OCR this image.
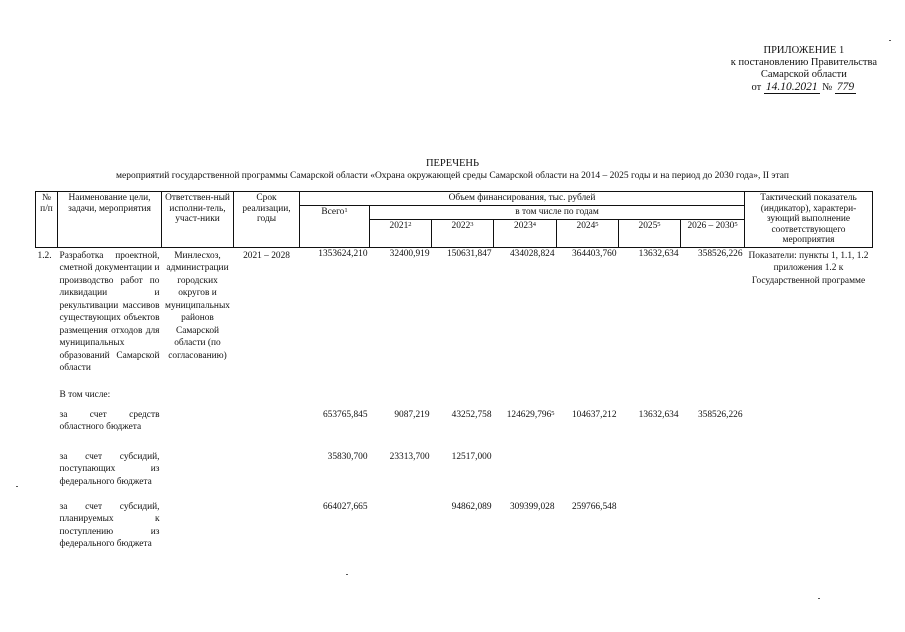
ПРИЛОЖЕНИЕ 1
к постановлению Правительства
Самарской области
от 14.10.2021 № 779
ПЕРЕЧЕНЬ
мероприятий государственной программы Самарской области «Охрана окружающей среды Самарской области на 2014 – 2025 годы и на период до 2030 года», II этап
№ п/п	Наименование цели, задачи, мероприятия	Ответствен-ный исполни-тель, участ-ники	Срок реализации, годы	Объем финансирования, тыс. рублей							Тактический показатель (индикатор), характери-зующий выполнение соответствующего мероприятия
				Всего$^1$	в том числе по годам						
					2021$^2$	2022$^3$	2023$^4$	2024$^5$	2025$^5$	2026 – 2030$^5$
1.2.	Разработка проектной, сметной документации и производство работ по ликвидации и рекультивации массивов существующих объектов размещения отходов для муниципальных образований Самарской области	Минлесхоз, администрации городских округов и муниципальных районов Самарской области (по согласованию)	2021 – 2028	1353624,210	32400,919	150631,847	434028,824	364403,760	13632,634	358526,226	Показатели: пункты 1, 1.1, 1.2 приложения 1.2 к Государственной программе
	В том числе:										
	за счет средств областного бюджета			653765,845	9087,219	43252,758	124629,796$^5$	104637,212	13632,634	358526,226	
	за счет субсидий, поступающих из федерального бюджета			35830,700	23313,700	12517,000					
	за счет субсидий, планируемых к поступлению из федерального бюджета			664027,665		94862,089	309399,028	259766,548			
